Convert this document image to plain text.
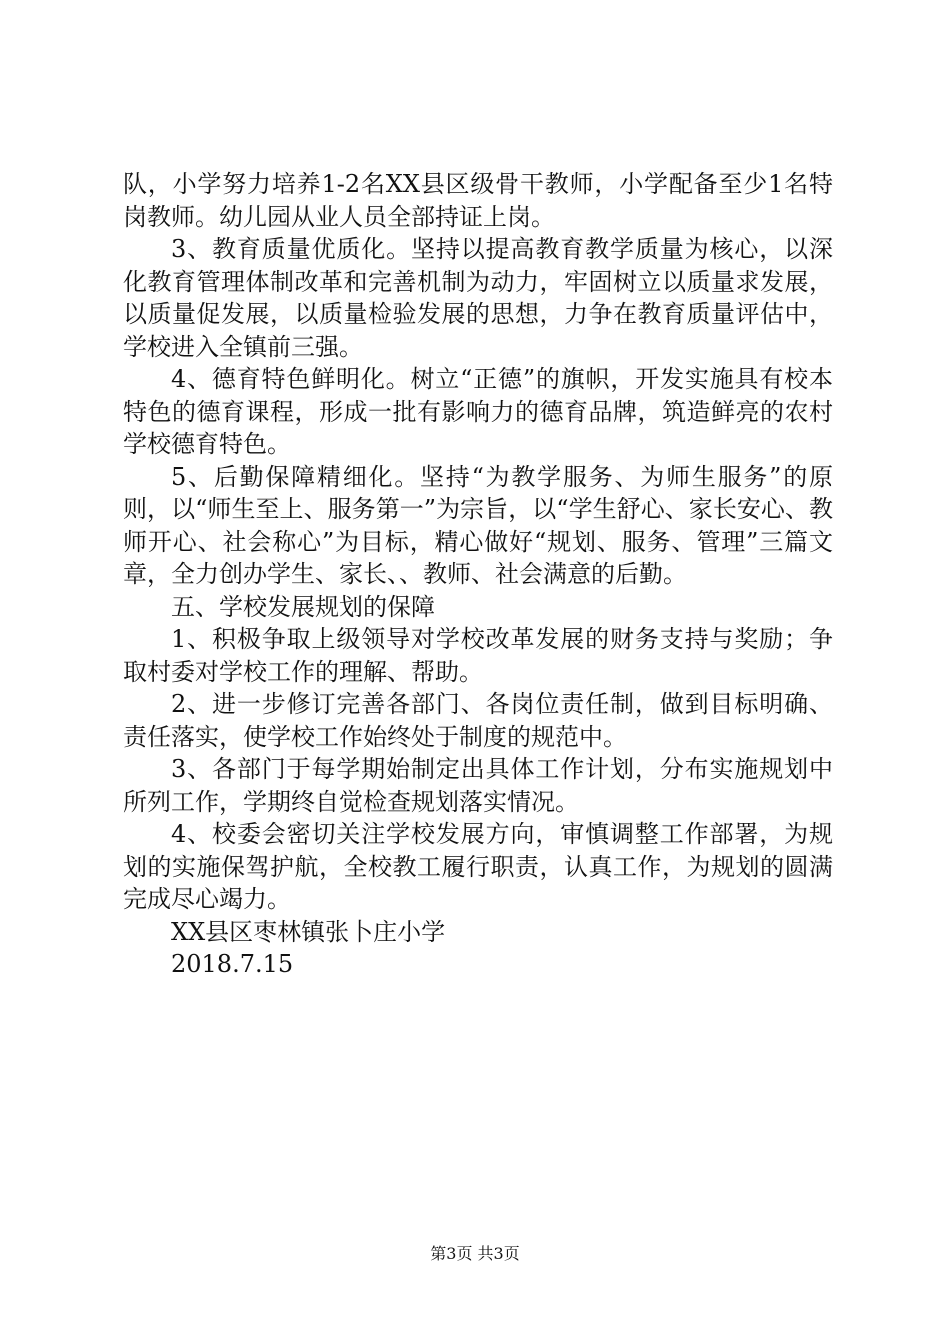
队，小学努力培养1-2名XX县区级骨干教师，小学配备至少1名特岗教师。幼儿园从业人员全部持证上岗。

3、教育质量优质化。坚持以提高教育教学质量为核心，以深化教育管理体制改革和完善机制为动力，牢固树立以质量求发展，以质量促发展，以质量检验发展的思想，力争在教育质量评估中，学校进入全镇前三强。

4、德育特色鲜明化。树立“正德”的旗帜，开发实施具有校本特色的德育课程，形成一批有影响力的德育品牌，筑造鲜亮的农村学校德育特色。

5、后勤保障精细化。坚持“为教学服务、为师生服务”的原则，以“师生至上、服务第一”为宗旨，以“学生舒心、家长安心、教师开心、社会称心”为目标，精心做好“规划、服务、管理”三篇文章，全力创办学生、家长、、教师、社会满意的后勤。

五、学校发展规划的保障

1、积极争取上级领导对学校改革发展的财务支持与奖励；争取村委对学校工作的理解、帮助。

2、进一步修订完善各部门、各岗位责任制，做到目标明确、责任落实，使学校工作始终处于制度的规范中。

3、各部门于每学期始制定出具体工作计划，分布实施规划中所列工作，学期终自觉检查规划落实情况。

4、校委会密切关注学校发展方向，审慎调整工作部署，为规划的实施保驾护航，全校教工履行职责，认真工作，为规划的圆满完成尽心竭力。

XX县区枣林镇张卜庄小学

2018.7.15

第3页 共3页
